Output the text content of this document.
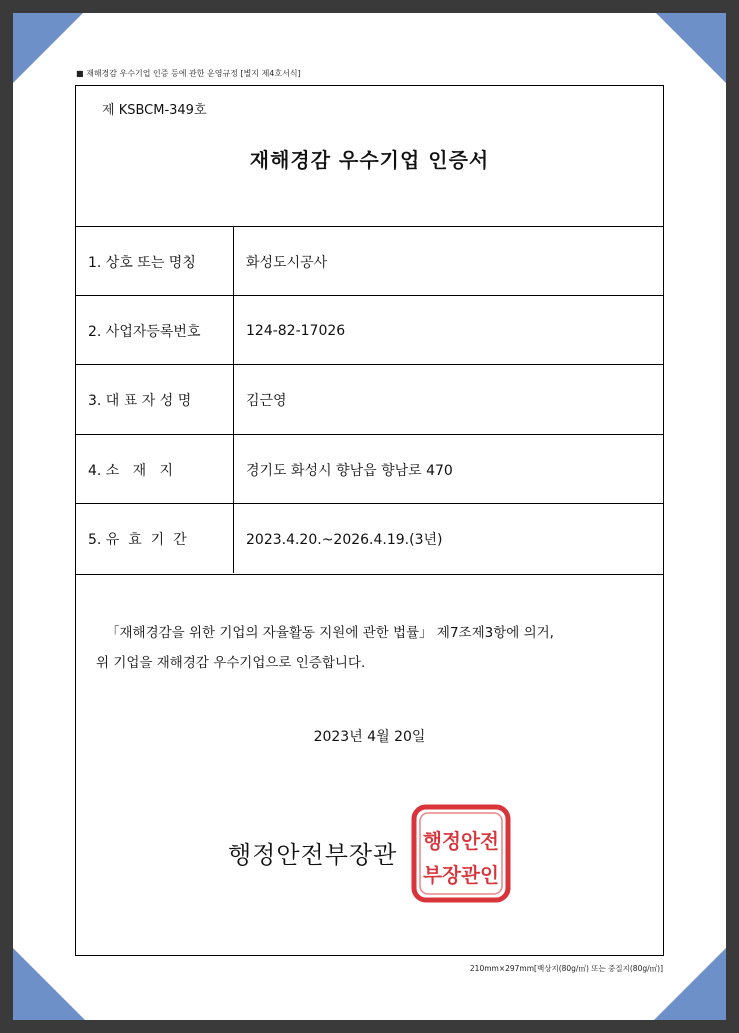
■ 재해경감 우수기업 인증 등에 관한 운영규정 [별지 제4호서식]
제 KSBCM-349호
재해경감 우수기업 인증서
1. 상호 또는 명칭	화성도시공사
2. 사업자등록번호	124-82-17026
3. 대 표 자 성 명	김근영
4. 소   재   지	경기도 화성시 향남읍 향남로 470
5. 유  효  기  간	2023.4.20.~2026.4.19.(3년)
「재해경감을 위한 기업의 자율활동 지원에 관한 법률」 제7조제3항에 의거,
위 기업을 재해경감 우수기업으로 인증합니다.
2023년 4월 20일
행정안전부장관 행정안전
부장관인
210mm×297mm[백상지(80g/㎡) 또는 중질지(80g/㎡)]
